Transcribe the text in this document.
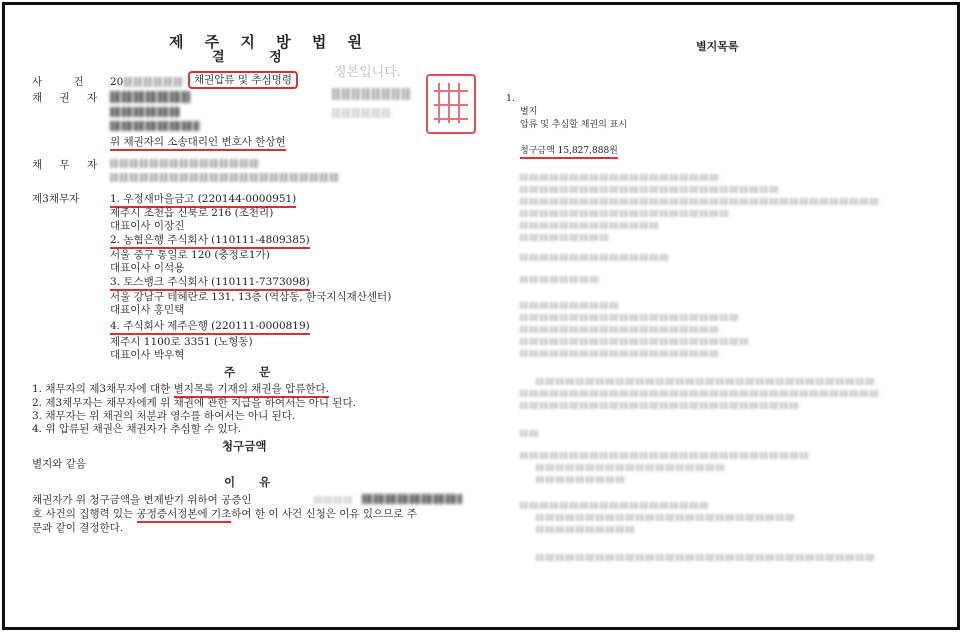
제 주 지 방 법 원
결 정
사 건 20	채권압류 및 추심명령	정본입니다.
채 권 자
위 채권자의 소송대리인 변호사 한상현
채 무 자
제3채무자	1. 우정새마을금고 (220144-0000951)
제주시 조천읍 신북로 216 (조천리)
대표이사 이장진
2. 농협은행 주식회사 (110111-4809385)
서울 중구 통일로 120 (충정로1가)
대표이사 이석용
3. 토스뱅크 주식회사 (110111-7373098)
서울 강남구 테헤란로 131, 13층 (역삼동, 한국지식재산센터)
대표이사 홍민택
4. 주식회사 제주은행 (220111-0000819)
제주시 1100로 3351 (노형동)
대표이사 박우혁
주 문
1. 채무자의 제3채무자에 대한 별지목록 기재의 채권을 압류한다.
2. 제3채무자는 채무자에게 위 채권에 관한 지급을 하여서는 아니 된다.
3. 채무자는 위 채권의 처분과 영수를 하여서는 아니 된다.
4. 위 압류된 채권은 채권자가 추심할 수 있다.
청구금액
별지와 같음
이 유
채권자가 위 청구금액을 변제받기 위하여 공증인
호 사건의 집행력 있는 공정증서정본에 기초하여 한 이 사건 신청은 이유 있으므로 주
문과 같이 결정한다.
별지목록
1.
별지
압류 및 추심할 채권의 표시
청구금액 15,827,888원
